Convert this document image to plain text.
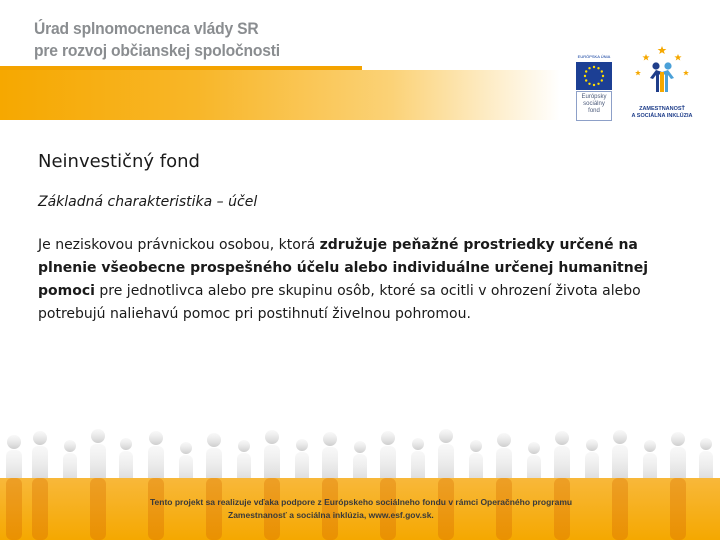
Úrad splnomocnenca vlády SR
pre rozvoj občianskej spoločnosti	EURÓPSKA ÚNIA
Európsky
sociálny
fond	ZAMESTNANOSŤ
A SOCIÁLNA INKLÚZIA
Neinvestičný fond
Základná charakteristika – účel

Je neziskovou právnickou osobou, ktorá združuje peňažné prostriedky určené na plnenie všeobecne prospešného účelu alebo individuálne určenej humanitnej pomoci pre jednotlivca alebo pre skupinu osôb, ktoré sa ocitli v ohrození života alebo potrebujú naliehavú pomoc pri postihnutí živelnou pohromou.

Tento projekt sa realizuje vďaka podpore z Európskeho sociálneho fondu v rámci Operačného programu
Zamestnanosť a sociálna inklúzia, www.esf.gov.sk.
